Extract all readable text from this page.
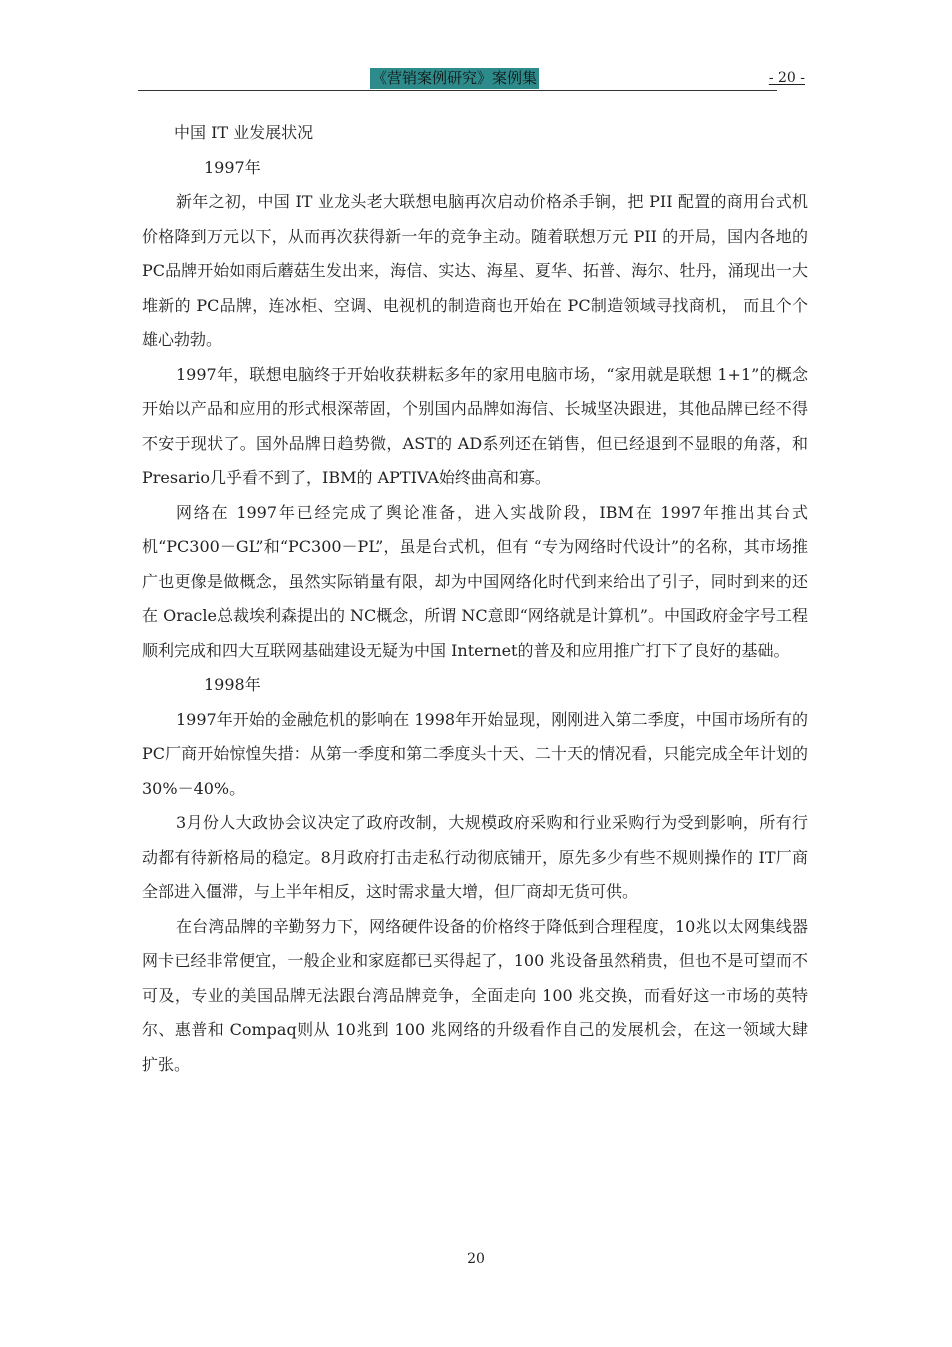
《营销案例研究》案例集	- 20 -

中国 IT 业发展状况

1997年

新年之初，中国 IT 业龙头老大联想电脑再次启动价格杀手锏，把 PII 配置的商用台式机价格降到万元以下，从而再次获得新一年的竞争主动。随着联想万元 PII 的开局，国内各地的PC品牌开始如雨后蘑菇生发出来，海信、实达、海星、夏华、拓普、海尔、牡丹，涌现出一大堆新的 PC品牌，连冰柜、空调、电视机的制造商也开始在 PC制造领域寻找商机， 而且个个雄心勃勃。

1997年，联想电脑终于开始收获耕耘多年的家用电脑市场，“家用就是联想 1+1”的概念开始以产品和应用的形式根深蒂固，个别国内品牌如海信、长城坚决跟进，其他品牌已经不得不安于现状了。国外品牌日趋势微，AST的 AD系列还在销售，但已经退到不显眼的角落，和 Presario几乎看不到了，IBM的 APTIVA始终曲高和寡。

网络在 1997年已经完成了舆论准备，进入实战阶段，IBM在 1997年推出其台式机“PC300－GL”和“PC300－PL”，虽是台式机，但有 “专为网络时代设计”的名称，其市场推广也更像是做概念，虽然实际销量有限，却为中国网络化时代到来给出了引子，同时到来的还在 Oracle总裁埃利森提出的 NC概念，所谓 NC意即“网络就是计算机”。中国政府金字号工程顺利完成和四大互联网基础建设无疑为中国 Internet的普及和应用推广打下了良好的基础。

1998年

1997年开始的金融危机的影响在 1998年开始显现，刚刚进入第二季度，中国市场所有的 PC厂商开始惊惶失措：从第一季度和第二季度头十天、二十天的情况看，只能完成全年计划的 30%－40%。

3月份人大政协会议决定了政府改制，大规模政府采购和行业采购行为受到影响，所有行动都有待新格局的稳定。8月政府打击走私行动彻底铺开，原先多少有些不规则操作的 IT厂商全部进入僵滞，与上半年相反，这时需求量大增，但厂商却无货可供。

在台湾品牌的辛勤努力下，网络硬件设备的价格终于降低到合理程度，10兆以太网集线器网卡已经非常便宜，一般企业和家庭都已买得起了，100 兆设备虽然稍贵，但也不是可望而不可及，专业的美国品牌无法跟台湾品牌竞争，全面走向 100 兆交换，而看好这一市场的英特尔、惠普和 Compaq则从 10兆到 100 兆网络的升级看作自己的发展机会，在这一领域大肆扩张。

20
